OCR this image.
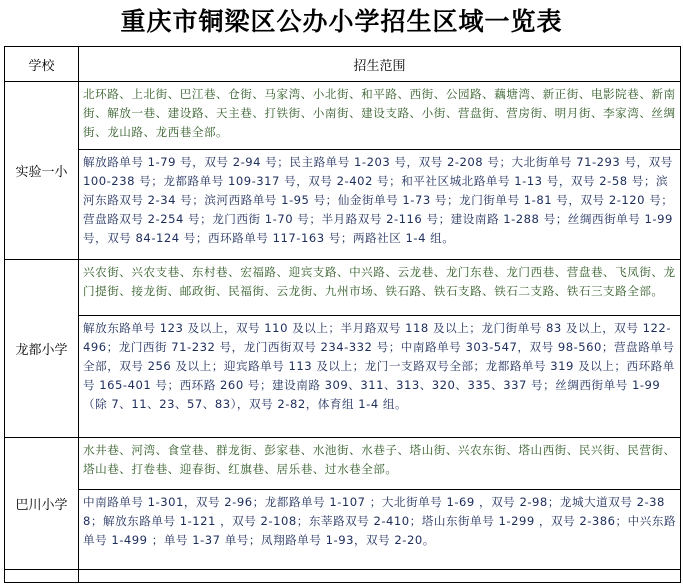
重庆市铜梁区公办小学招生区域一览表
学校	招生范围
实验一小	北环路、上北街、巴江巷、仓街、马家湾、小北街、和平路、西街、公园路、藕塘湾、新正街、电影院巷、新南街、解放一巷、建设路、天主巷、打铁街、小南街、建设支路、小街、营盘街、营房街、明月街、李家湾、丝绸街、龙山路、龙西巷全部。
	解放路单号 1-79 号，双号 2-94 号；民主路单号 1-203 号，双号 2-208 号；大北街单号 71-293 号，双号 100-238 号；龙都路单号 109-317 号，双号 2-402 号；和平社区城北路单号 1-13 号，双号 2-58 号；滨河东路双号 2-34 号；滨河西路单号 1-95 号；仙金街单号 1-73 号；龙门街单号 1-81 号，双号 2-120 号；营盘路双号 2-254 号；龙门西街 1-70 号；半月路双号 2-116 号；建设南路 1-288 号；丝绸西街单号 1-99 号，双号 84-124 号；西环路单号 117-163 号；两路社区 1-4 组。
龙都小学	兴农街、兴农支巷、东村巷、宏福路、迎宾支路、中兴路、云龙巷、龙门东巷、龙门西巷、营盘巷、飞凤街、龙门提街、接龙街、邮政街、民福街、云龙街、九州市场、铁石路、铁石支路、铁石二支路、铁石三支路全部。
	解放东路单号 123 及以上，双号 110 及以上；半月路双号 118 及以上；龙门街单号 83 及以上，双号 122-496；龙门西街 71-232 号，龙门西街双号 234-332 号；中南路单号 303-547，双号 98-560；营盘路单号全部，双号 256 及以上；迎宾路单号 113 及以上；龙门一支路双号全部；龙都路单号 319 及以上；西环路单号 165-401 号；西环路 260 号；建设南路 309、311、313、320、335、337 号；丝绸西街单号 1-99（除 7、11、23、57、83），双号 2-82，体育组 1-4 组。
巴川小学	水井巷、河湾、食堂巷、群龙街、彭家巷、水池街、水巷子、塔山街、兴农东街、塔山西街、民兴街、民营街、塔山巷、打卷巷、迎春街、红旗巷、居乐巷、过水巷全部。
	中南路单号 1-301，双号 2-96；龙都路单号 1-107 ；大北街单号 1-69 ，双号 2-98；龙城大道双号 2-388；解放东路单号 1-121 ，双号 2-108；东莘路双号 2-410；塔山东街单号 1-299 ，双号 2-386；中兴东路单号 1-499 ；单号 1-37 单号；凤翔路单号 1-93，双号 2-20。
